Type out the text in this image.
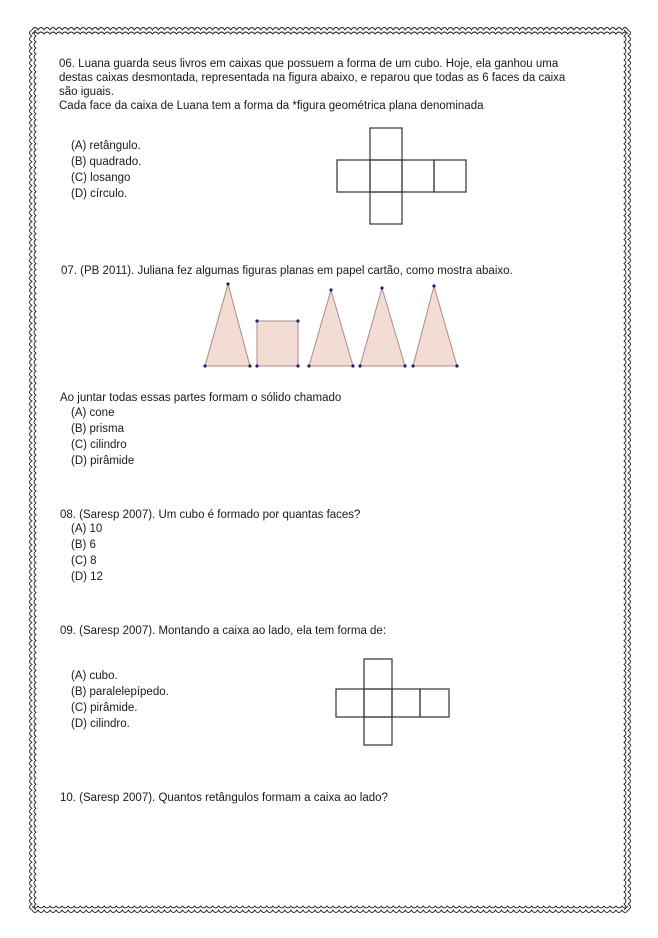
06. Luana guarda seus livros em caixas que possuem a forma de um cubo. Hoje, ela ganhou uma

destas caixas desmontada, representada na figura abaixo, e reparou que todas as 6 faces da caixa

são iguais.

Cada face da caixa de Luana tem a forma da *figura geométrica plana denominada

(A) retângulo.
(B) quadrado.
(C) losango
(D) círculo.

07. (PB 2011). Juliana fez algumas figuras planas em papel cartão, como mostra abaixo.

Ao juntar todas essas partes formam o sólido chamado

(A) cone
(B) prisma
(C) cilindro
(D) pirâmide

08. (Saresp 2007). Um cubo é formado por quantas faces?

(A) 10
(B) 6
(C) 8
(D) 12

09. (Saresp 2007). Montando a caixa ao lado, ela tem forma de:

(A) cubo.
(B) paralelepípedo.
(C) pirâmide.
(D) cilindro.

10. (Saresp 2007). Quantos retângulos formam a caixa ao lado?
